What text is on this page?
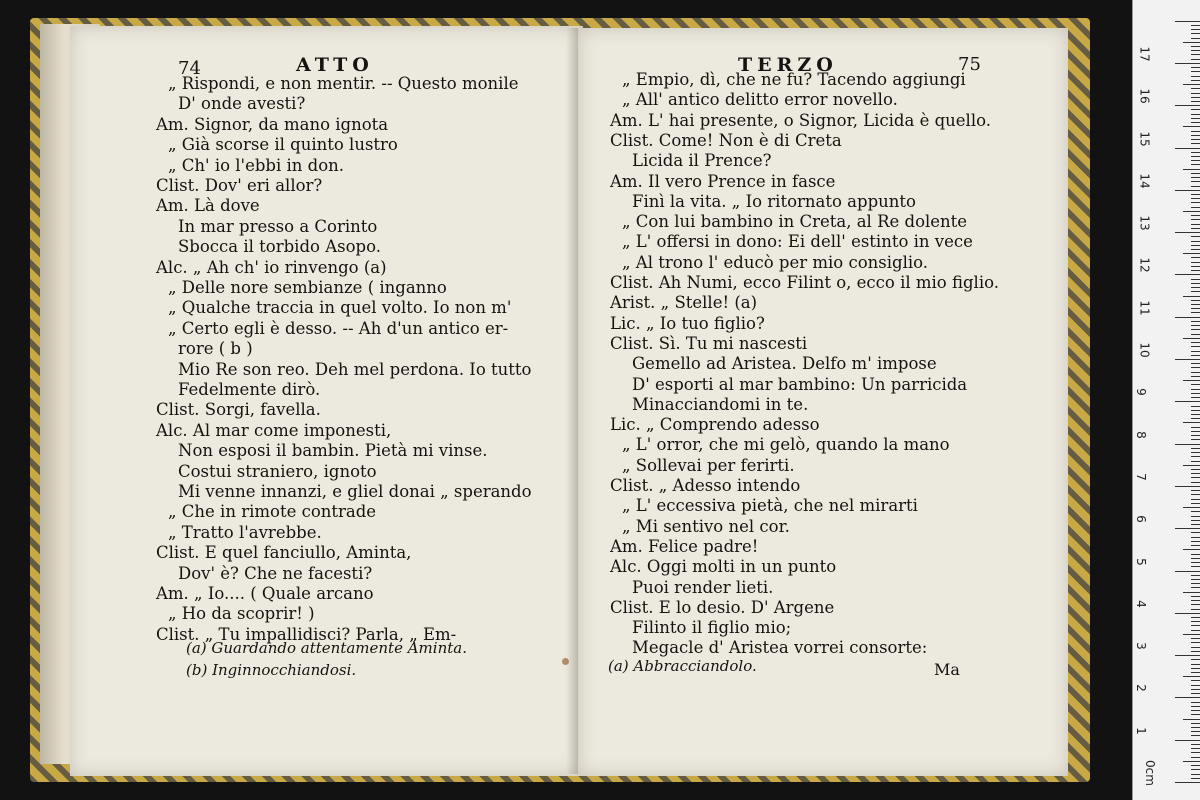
74	ATTO
„ Rispondi, e non mentir. -- Questo monile
D' onde avesti?
Am. Signor, da mano ignota
„ Già scorse il quinto lustro
„ Ch' io l'ebbi in don.
Clist. Dov' eri allor?
Am. Là dove
In mar presso a Corinto
Sbocca il torbido Asopo.
Alc. „ Ah ch' io rinvengo (a)
„ Delle nore sembianze ( inganno
„ Qualche traccia in quel volto. Io non m'
„ Certo egli è desso. -- Ah d'un antico er-
rore ( b )
Mio Re son reo. Deh mel perdona. Io tutto
Fedelmente dirò.
Clist. Sorgi, favella.
Alc. Al mar come imponesti,
Non esposi il bambin. Pietà mi vinse.
Costui straniero, ignoto
Mi venne innanzi, e gliel donai „ sperando
„ Che in rimote contrade
„ Tratto l'avrebbe.
Clist. E quel fanciullo, Aminta,
Dov' è? Che ne facesti?
Am. „ Io.... ( Quale arcano
„ Ho da scoprir! )
Clist. „ Tu impallidisci? Parla, „ Em-
(a) Guardando attentamente Aminta.
(b) Inginnocchiandosi.
TERZO	75
„ Empio, dì, che ne fu? Tacendo aggiungi
„ All' antico delitto error novello.
Am. L' hai presente, o Signor, Licida è quello.
Clist. Come! Non è di Creta
Licida il Prence?
Am. Il vero Prence in fasce
Finì la vita. „ Io ritornato appunto
„ Con lui bambino in Creta, al Re dolente
„ L' offersi in dono: Ei dell' estinto in vece
„ Al trono l' educò per mio consiglio.
Clist. Ah Numi, ecco Filint o, ecco il mio figlio.
Arist. „ Stelle! (a)
Lic. „ Io tuo figlio?
Clist. Sì. Tu mi nascesti
Gemello ad Aristea. Delfo m' impose
D' esporti al mar bambino: Un parricida
Minacciandomi in te.
Lic. „ Comprendo adesso
„ L' orror, che mi gelò, quando la mano
„ Sollevai per ferirti.
Clist. „ Adesso intendo
„ L' eccessiva pietà, che nel mirarti
„ Mi sentivo nel cor.
Am. Felice padre!
Alc. Oggi molti in un punto
Puoi render lieti.
Clist. E lo desio. D' Argene
Filinto il figlio mio;
Megacle d' Aristea vorrei consorte:
(a) Abbracciandolo.	Ma
0cm
1
2
3
4
5
6
7
8
9
10
11
12
13
14
15
16
17
